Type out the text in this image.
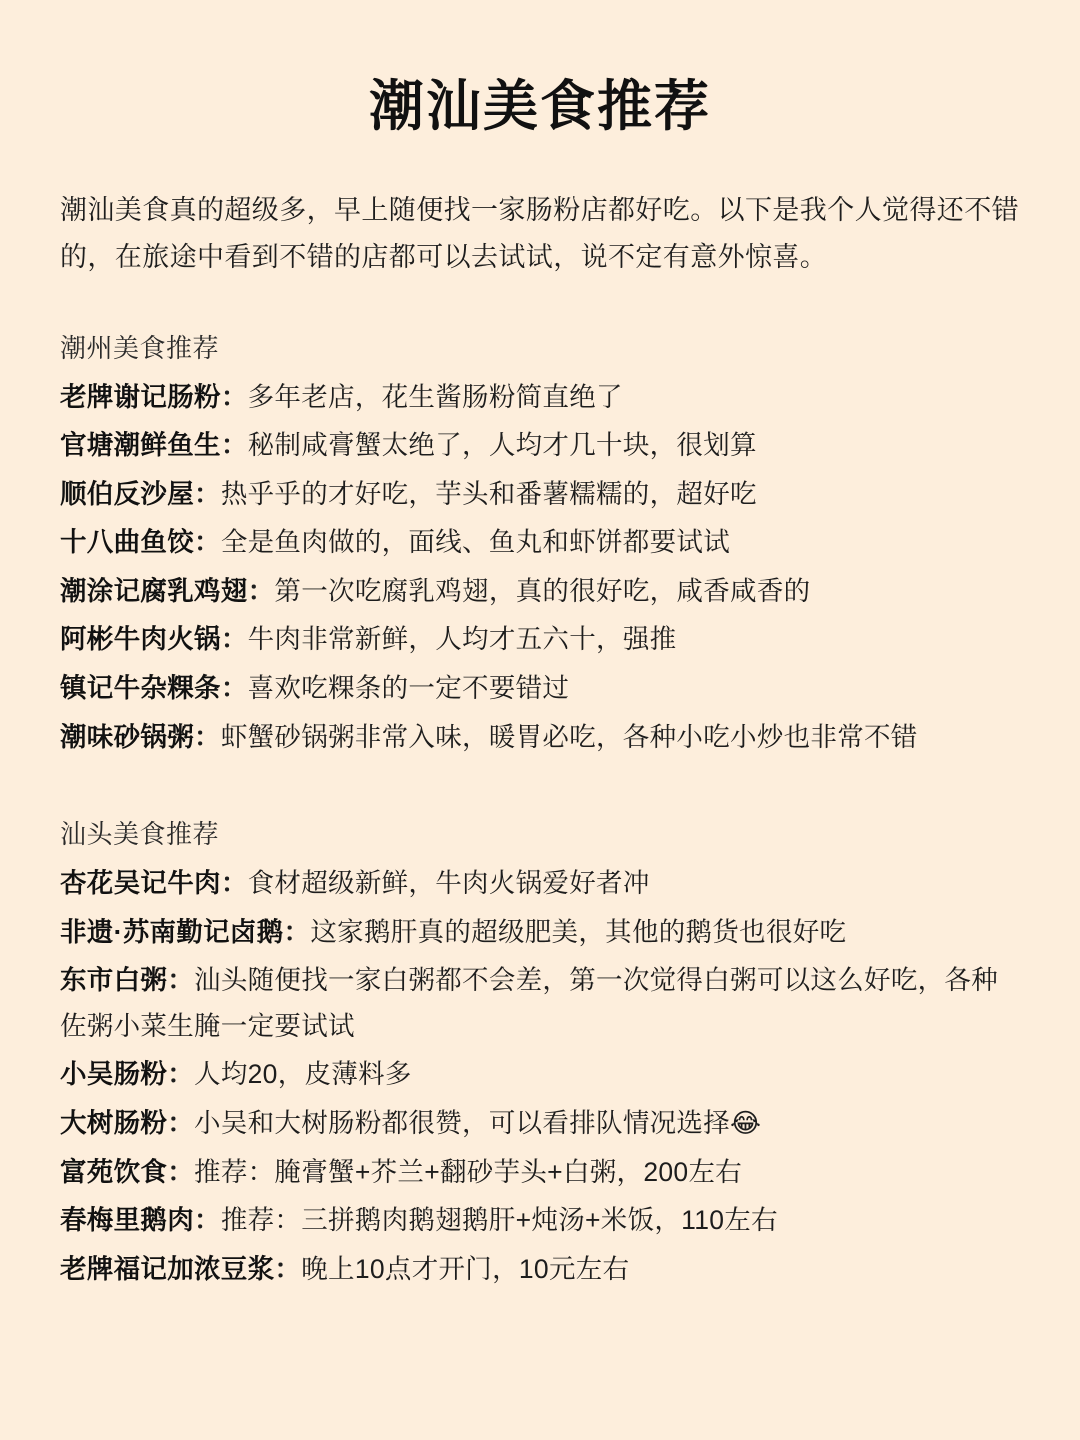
潮汕美食推荐

潮汕美食真的超级多，早上随便找一家肠粉店都好吃。以下是我个人觉得还不错的，在旅途中看到不错的店都可以去试试，说不定有意外惊喜。

潮州美食推荐

老牌谢记肠粉：多年老店，花生酱肠粉简直绝了

官塘潮鲜鱼生：秘制咸膏蟹太绝了，人均才几十块，很划算

顺伯反沙屋：热乎乎的才好吃，芋头和番薯糯糯的，超好吃

十八曲鱼饺：全是鱼肉做的，面线、鱼丸和虾饼都要试试

潮涂记腐乳鸡翅：第一次吃腐乳鸡翅，真的很好吃，咸香咸香的

阿彬牛肉火锅：牛肉非常新鲜，人均才五六十，强推

镇记牛杂粿条：喜欢吃粿条的一定不要错过

潮味砂锅粥：虾蟹砂锅粥非常入味，暖胃必吃，各种小吃小炒也非常不错

汕头美食推荐

杏花吴记牛肉：食材超级新鲜，牛肉火锅爱好者冲

非遗·苏南勤记卤鹅：这家鹅肝真的超级肥美，其他的鹅货也很好吃

东市白粥：汕头随便找一家白粥都不会差，第一次觉得白粥可以这么好吃，各种佐粥小菜生腌一定要试试

小吴肠粉：人均20，皮薄料多

大树肠粉：小吴和大树肠粉都很赞，可以看排队情况选择😂

富苑饮食：推荐：腌膏蟹+芥兰+翻砂芋头+白粥，200左右

春梅里鹅肉：推荐：三拼鹅肉鹅翅鹅肝+炖汤+米饭，110左右

老牌福记加浓豆浆：晚上10点才开门，10元左右
